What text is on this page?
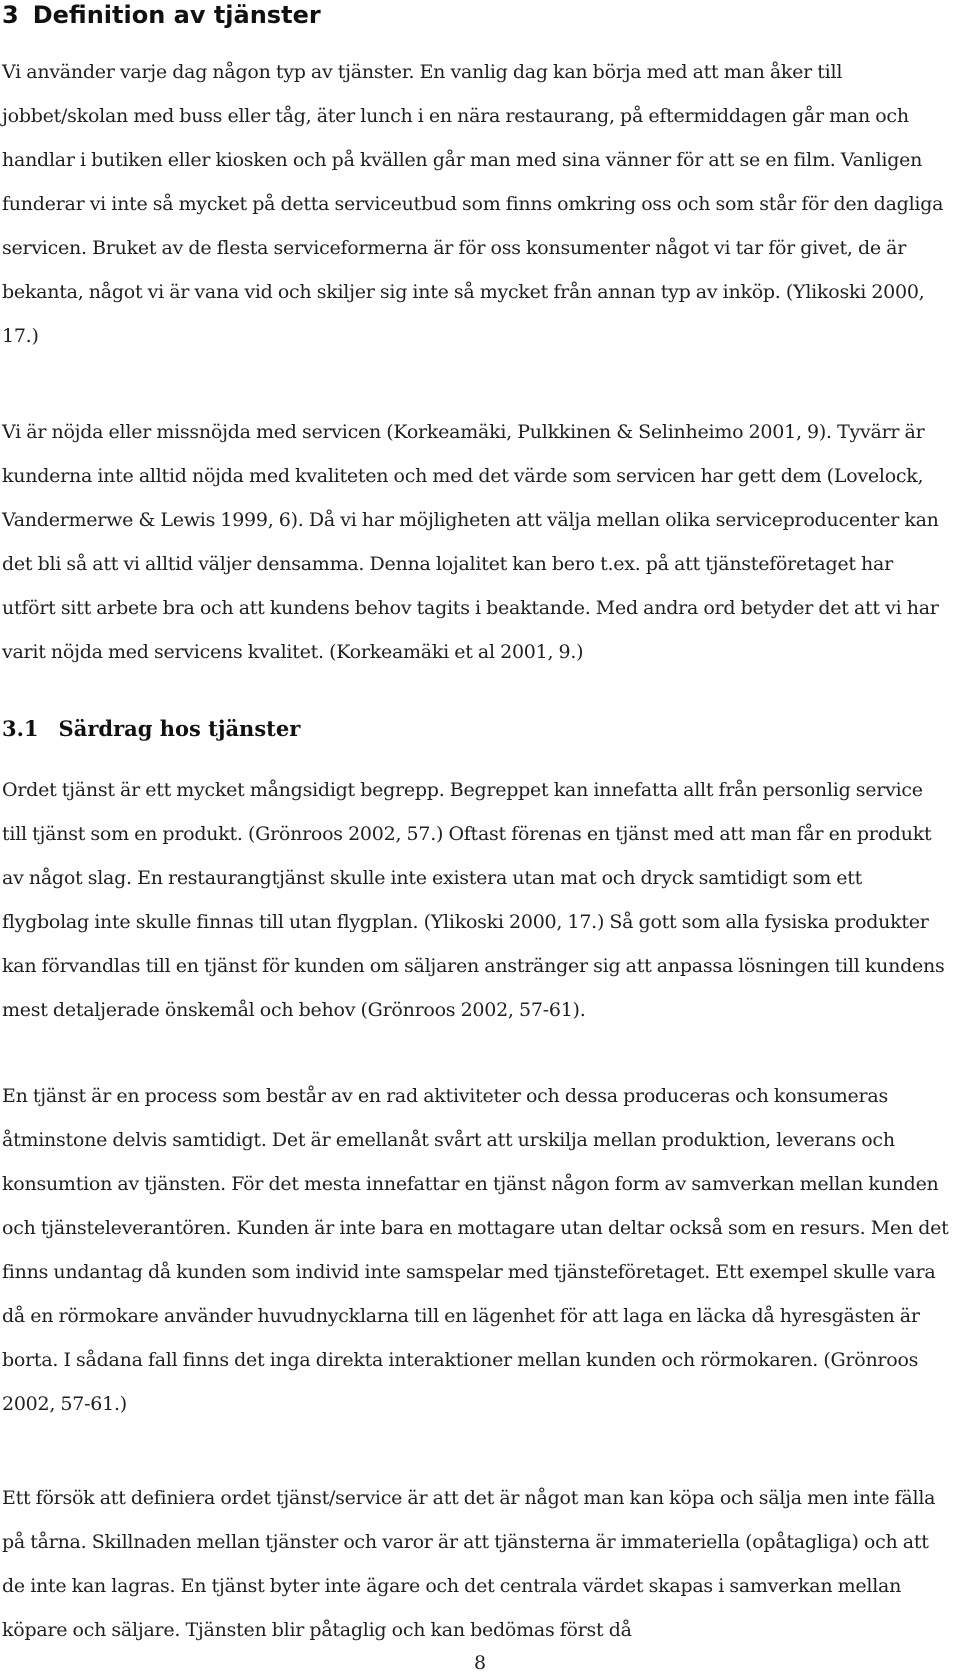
3 Definition av tjänster

Vi använder varje dag någon typ av tjänster. En vanlig dag kan börja med att man åker till jobbet/skolan med buss eller tåg, äter lunch i en nära restaurang, på eftermiddagen går man och handlar i butiken eller kiosken och på kvällen går man med sina vänner för att se en film. Vanligen funderar vi inte så mycket på detta serviceutbud som finns omkring oss och som står för den dagliga servicen. Bruket av de flesta serviceformerna är för oss konsumenter något vi tar för givet, de är bekanta, något vi är vana vid och skiljer sig inte så mycket från annan typ av inköp. (Ylikoski 2000, 17.)

Vi är nöjda eller missnöjda med servicen (Korkeamäki, Pulkkinen & Selinheimo 2001, 9). Tyvärr är kunderna inte alltid nöjda med kvaliteten och med det värde som servicen har gett dem (Lovelock, Vandermerwe & Lewis 1999, 6). Då vi har möjligheten att välja mellan olika serviceproducenter kan det bli så att vi alltid väljer densamma. Denna lojalitet kan bero t.ex. på att tjänsteföretaget har utfört sitt arbete bra och att kundens behov tagits i beaktande. Med andra ord betyder det att vi har varit nöjda med servicens kvalitet. (Korkeamäki et al 2001, 9.)

3.1 Särdrag hos tjänster

Ordet tjänst är ett mycket mångsidigt begrepp. Begreppet kan innefatta allt från personlig service till tjänst som en produkt. (Grönroos 2002, 57.) Oftast förenas en tjänst med att man får en produkt av något slag. En restaurangtjänst skulle inte existera utan mat och dryck samtidigt som ett flygbolag inte skulle finnas till utan flygplan. (Ylikoski 2000, 17.) Så gott som alla fysiska produkter kan förvandlas till en tjänst för kunden om säljaren anstränger sig att anpassa lösningen till kundens mest detaljerade önskemål och behov (Grönroos 2002, 57-61).

En tjänst är en process som består av en rad aktiviteter och dessa produceras och konsumeras åtminstone delvis samtidigt. Det är emellanåt svårt att urskilja mellan produktion, leverans och konsumtion av tjänsten. För det mesta innefattar en tjänst någon form av samverkan mellan kunden och tjänsteleverantören. Kunden är inte bara en mottagare utan deltar också som en resurs. Men det finns undantag då kunden som individ inte samspelar med tjänsteföretaget. Ett exempel skulle vara då en rörmokare använder huvudnycklarna till en lägenhet för att laga en läcka då hyresgästen är borta. I sådana fall finns det inga direkta interaktioner mellan kunden och rörmokaren. (Grönroos 2002, 57-61.)

Ett försök att definiera ordet tjänst/service är att det är något man kan köpa och sälja men inte fälla på tårna. Skillnaden mellan tjänster och varor är att tjänsterna är immateriella (opåtagliga) och att de inte kan lagras. En tjänst byter inte ägare och det centrala värdet skapas i samverkan mellan köpare och säljare. Tjänsten blir påtaglig och kan bedömas först då

8
